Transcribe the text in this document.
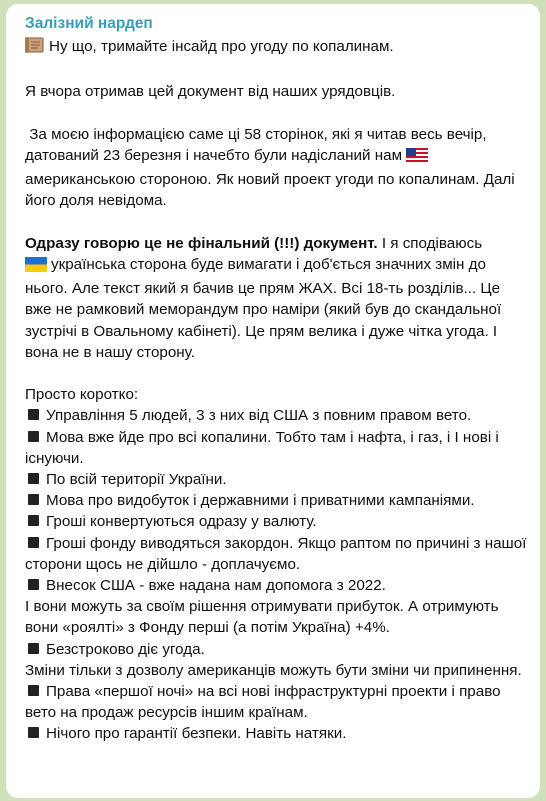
Залізний нардеп

Ну що, тримайте інсайд про угоду по копалинам.

Я вчора отримав цей документ від наших урядовців.

За моєю інформацією саме ці 58 сторінок, які я читав весь вечір, датований 23 березня і начебто були надісланий нам
американською стороною. Як новий проект угоди по копалинам. Далі його доля невідома.

Одразу говорю це не фінальний (!!!) документ. І я сподіваюсь
українська сторона буде вимагати і доб'ється значних змін до нього. Але текст який я бачив це прям ЖАХ. Всі 18-ть розділів... Це вже не рамковий меморандум про наміри (який був до скандальної зустрічі в Овальному кабінеті). Це прям велика і дуже чітка угода. І вона не в нашу сторону.

Просто коротко:

Управління 5 людей, 3 з них від США з повним правом вето.

Мова вже йде про всі копалини. Тобто там і нафта, і газ, і І нові і існуючи.

По всій території України.

Мова про видобуток і державними і приватними кампаніями.

Гроші конвертуються одразу у валюту.

Гроші фонду виводяться закордон. Якщо раптом по причині з нашої сторони щось не дійшло - доплачуємо.

Внесок США - вже надана нам допомога з 2022.

І вони можуть за своїм рішення отримувати прибуток. А отримують вони «роялті» з Фонду перші (а потім Україна) +4%.

Безстроково діє угода.

Зміни тільки з дозволу американців можуть бути зміни чи припинення.

Права «першої ночі» на всі нові інфраструктурні проекти і право вето на продаж ресурсів іншим країнам.

Нічого про гарантії безпеки. Навіть натяки.
